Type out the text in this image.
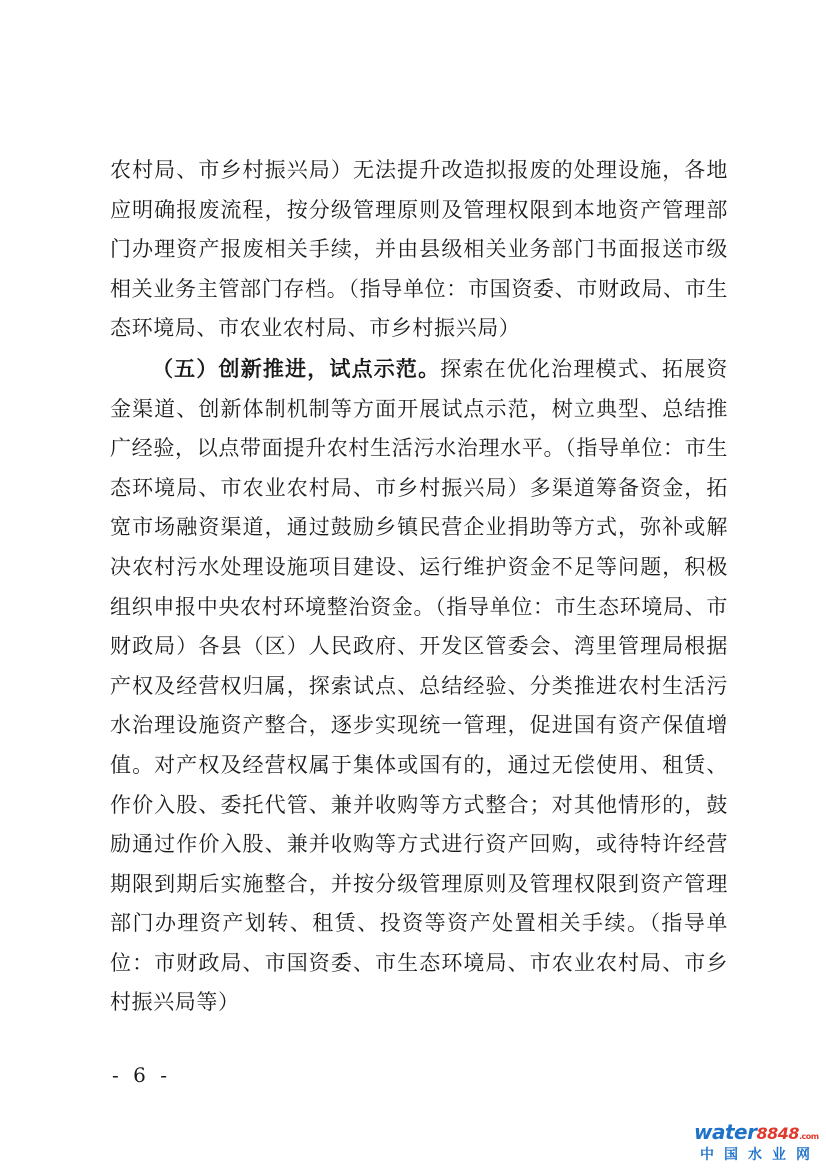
农村局、市乡村振兴局）无法提升改造拟报废的处理设施，各地应明确报废流程，按分级管理原则及管理权限到本地资产管理部门办理资产报废相关手续，并由县级相关业务部门书面报送市级相关业务主管部门存档。（指导单位：市国资委、市财政局、市生态环境局、市农业农村局、市乡村振兴局）

（五）创新推进，试点示范。探索在优化治理模式、拓展资金渠道、创新体制机制等方面开展试点示范，树立典型、总结推广经验，以点带面提升农村生活污水治理水平。（指导单位：市生态环境局、市农业农村局、市乡村振兴局）多渠道筹备资金，拓宽市场融资渠道，通过鼓励乡镇民营企业捐助等方式，弥补或解决农村污水处理设施项目建设、运行维护资金不足等问题，积极组织申报中央农村环境整治资金。（指导单位：市生态环境局、市财政局）各县（区）人民政府、开发区管委会、湾里管理局根据产权及经营权归属，探索试点、总结经验、分类推进农村生活污水治理设施资产整合，逐步实现统一管理，促进国有资产保值增值。对产权及经营权属于集体或国有的，通过无偿使用、租赁、作价入股、委托代管、兼并收购等方式整合；对其他情形的，鼓励通过作价入股、兼并收购等方式进行资产回购，或待特许经营期限到期后实施整合，并按分级管理原则及管理权限到资产管理部门办理资产划转、租赁、投资等资产处置相关手续。（指导单位：市财政局、市国资委、市生态环境局、市农业农村局、市乡村振兴局等）

- 6 -
water8848.com
中国水业网
